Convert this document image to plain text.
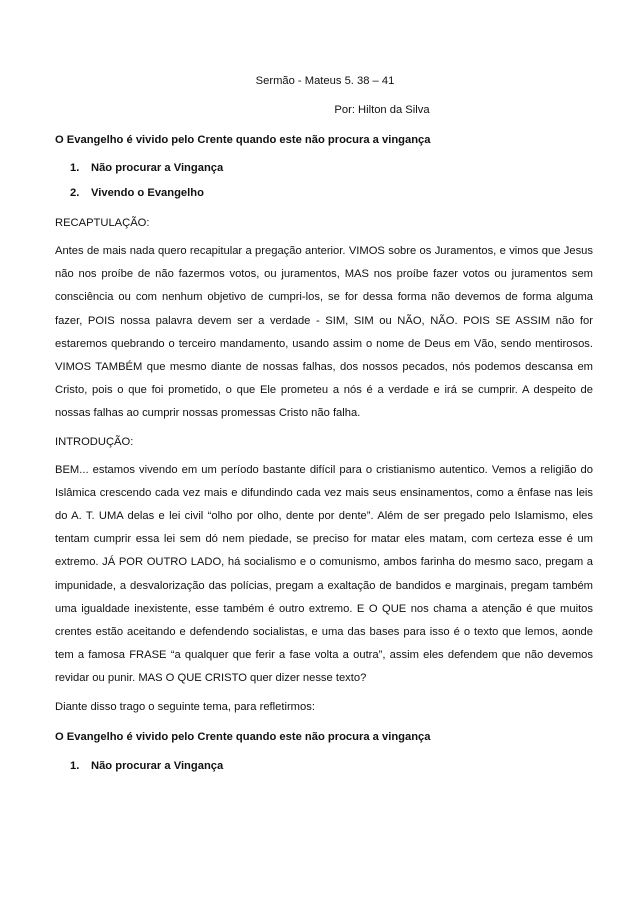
Sermão - Mateus 5. 38 – 41
Por: Hilton da Silva
O Evangelho é vivido pelo Crente quando este não procura a vingança
1. Não procurar a Vingança
2. Vivendo o Evangelho
RECAPTULAÇÃO:

Antes de mais nada quero recapitular a pregação anterior. VIMOS sobre os Juramentos, e vimos que Jesus não nos proíbe de não fazermos votos, ou juramentos, MAS nos proíbe fazer votos ou juramentos sem consciência ou com nenhum objetivo de cumpri-los, se for dessa forma não devemos de forma alguma fazer, POIS nossa palavra devem ser a verdade - SIM, SIM ou NÃO, NÃO. POIS SE ASSIM não for estaremos quebrando o terceiro mandamento, usando assim o nome de Deus em Vão, sendo mentirosos. VIMOS TAMBÉM que mesmo diante de nossas falhas, dos nossos pecados, nós podemos descansa em Cristo, pois o que foi prometido, o que Ele prometeu a nós é a verdade e irá se cumprir. A despeito de nossas falhas ao cumprir nossas promessas Cristo não falha.

INTRODUÇÃO:

BEM... estamos vivendo em um período bastante difícil para o cristianismo autentico. Vemos a religião do Islâmica crescendo cada vez mais e difundindo cada vez mais seus ensinamentos, como a ênfase nas leis do A. T. UMA delas e lei civil “olho por olho, dente por dente”. Além de ser pregado pelo Islamismo, eles tentam cumprir essa lei sem dó nem piedade, se preciso for matar eles matam, com certeza esse é um extremo. JÁ POR OUTRO LADO, há socialismo e o comunismo, ambos farinha do mesmo saco, pregam a impunidade, a desvalorização das polícias, pregam a exaltação de bandidos e marginais, pregam também uma igualdade inexistente, esse também é outro extremo. E O QUE nos chama a atenção é que muitos crentes estão aceitando e defendendo socialistas, e uma das bases para isso é o texto que lemos, aonde tem a famosa FRASE “a qualquer que ferir a fase volta a outra”, assim eles defendem que não devemos revidar ou punir. MAS O QUE CRISTO quer dizer nesse texto?

Diante disso trago o seguinte tema, para refletirmos:
O Evangelho é vivido pelo Crente quando este não procura a vingança
1. Não procurar a Vingança
